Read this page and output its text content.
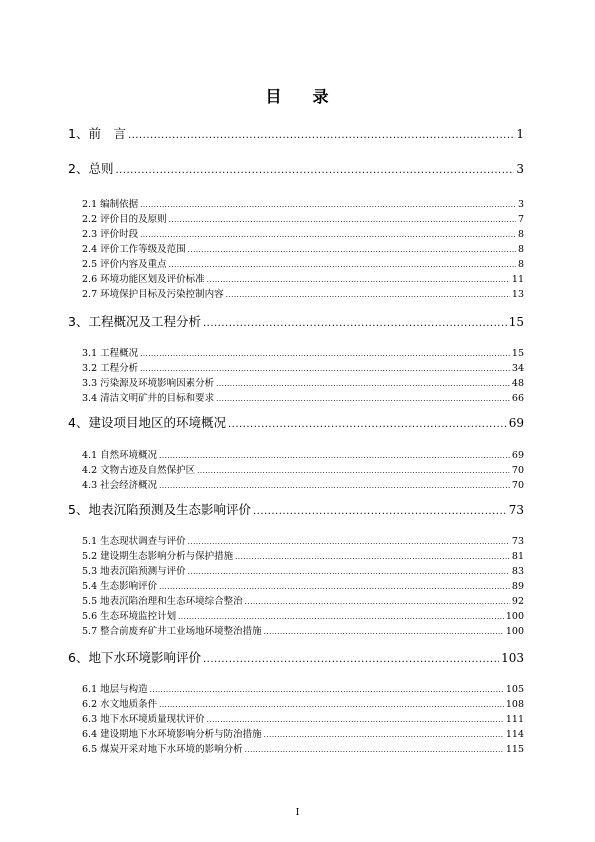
目 录
1、前　言 .....	1
2、总则 .....	3
2.1 编制依据 .....	3
2.2 评价目的及原则 .....	7
2.3 评价时段 .....	8
2.4 评价工作等级及范围 .....	8
2.5 评价内容及重点 .....	8
2.6 环境功能区划及评价标准 .....	11
2.7 环境保护目标及污染控制内容 .....	13
3、工程概况及工程分析 .....	15
3.1 工程概况 .....	15
3.2 工程分析 .....	34
3.3 污染源及环境影响因素分析 .....	48
3.4 清洁文明矿井的目标和要求 .....	66
4、建设项目地区的环境概况 .....	69
4.1 自然环境概况 .....	69
4.2 文物古迹及自然保护区 .....	70
4.3 社会经济概况 .....	70
5、地表沉陷预测及生态影响评价 .....	73
5.1 生态现状调查与评价 .....	73
5.2 建设期生态影响分析与保护措施 .....	81
5.3 地表沉陷预测与评价 .....	83
5.4 生态影响评价 .....	89
5.5 地表沉陷治理和生态环境综合整治 .....	92
5.6 生态环境监控计划 .....	100
5.7 整合前废弃矿井工业场地环境整治措施 .....	100
6、地下水环境影响评价 .....	103
6.1 地层与构造 .....	105
6.2 水文地质条件 .....	108
6.3 地下水环境质量现状评价 .....	111
6.4 建设期地下水环境影响分析与防治措施 .....	114
6.5 煤炭开采对地下水环境的影响分析 .....	115
I
